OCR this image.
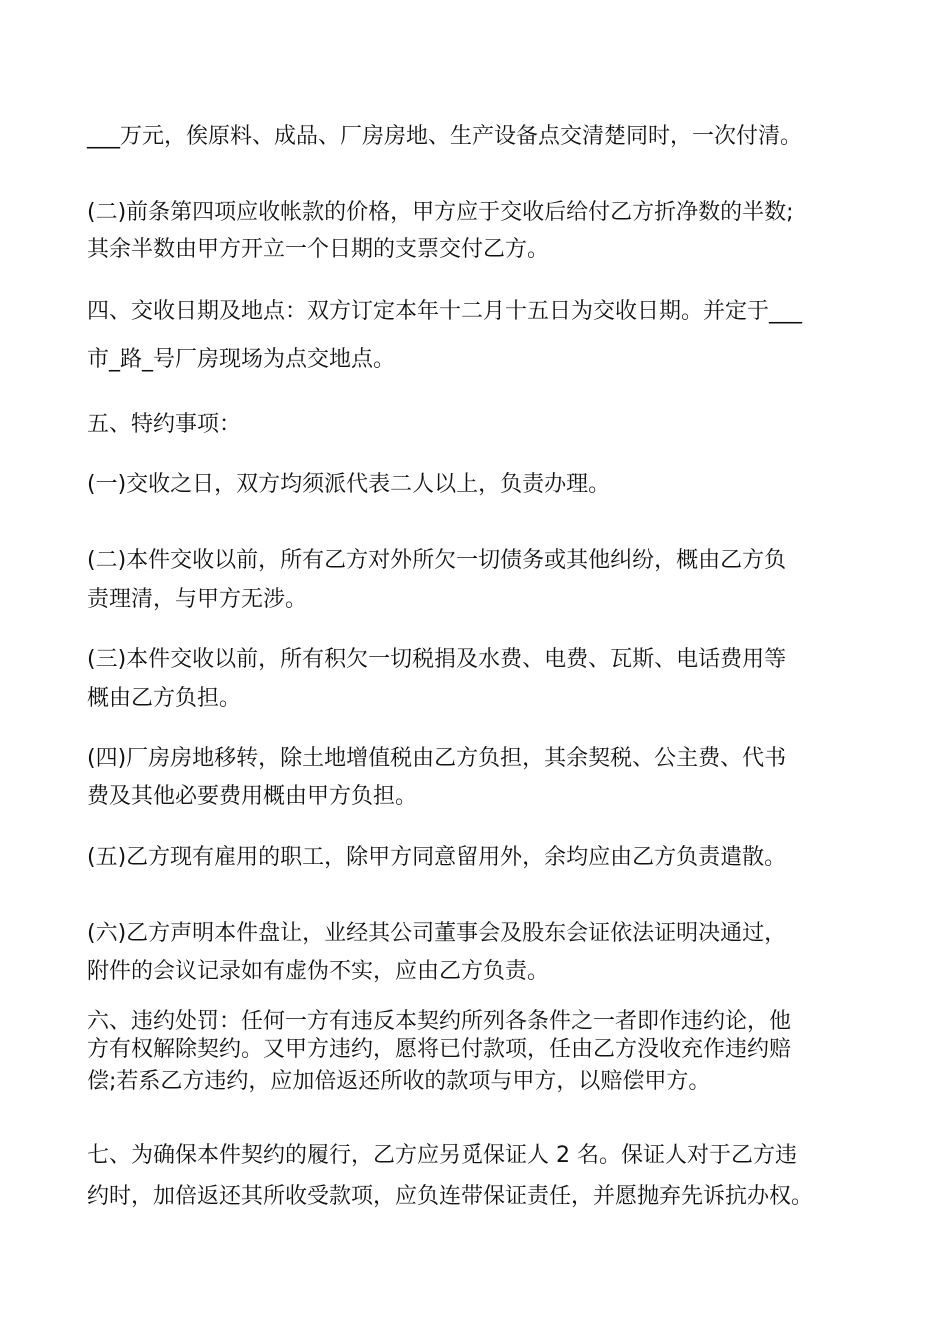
___万元，俟原料、成品、厂房房地、生产设备点交清楚同时，一次付清。
(二)前条第四项应收帐款的价格，甲方应于交收后给付乙方折净数的半数;
其余半数由甲方开立一个日期的支票交付乙方。
四、交收日期及地点：双方订定本年十二月十五日为交收日期。并定于___
市_路_号厂房现场为点交地点。
五、特约事项：
(一)交收之日，双方均须派代表二人以上，负责办理。
(二)本件交收以前，所有乙方对外所欠一切债务或其他纠纷，概由乙方负
责理清，与甲方无涉。
(三)本件交收以前，所有积欠一切税捐及水费、电费、瓦斯、电话费用等
概由乙方负担。
(四)厂房房地移转，除土地增值税由乙方负担，其余契税、公主费、代书
费及其他必要费用概由甲方负担。
(五)乙方现有雇用的职工，除甲方同意留用外，余均应由乙方负责遣散。
(六)乙方声明本件盘让，业经其公司董事会及股东会证依法证明决通过，
附件的会议记录如有虚伪不实，应由乙方负责。
六、违约处罚：任何一方有违反本契约所列各条件之一者即作违约论，他
方有权解除契约。又甲方违约，愿将已付款项，任由乙方没收充作违约赔
偿;若系乙方违约，应加倍返还所收的款项与甲方，以赔偿甲方。
七、为确保本件契约的履行，乙方应另觅保证人 2 名。保证人对于乙方违
约时，加倍返还其所收受款项，应负连带保证责任，并愿抛弃先诉抗办权。
